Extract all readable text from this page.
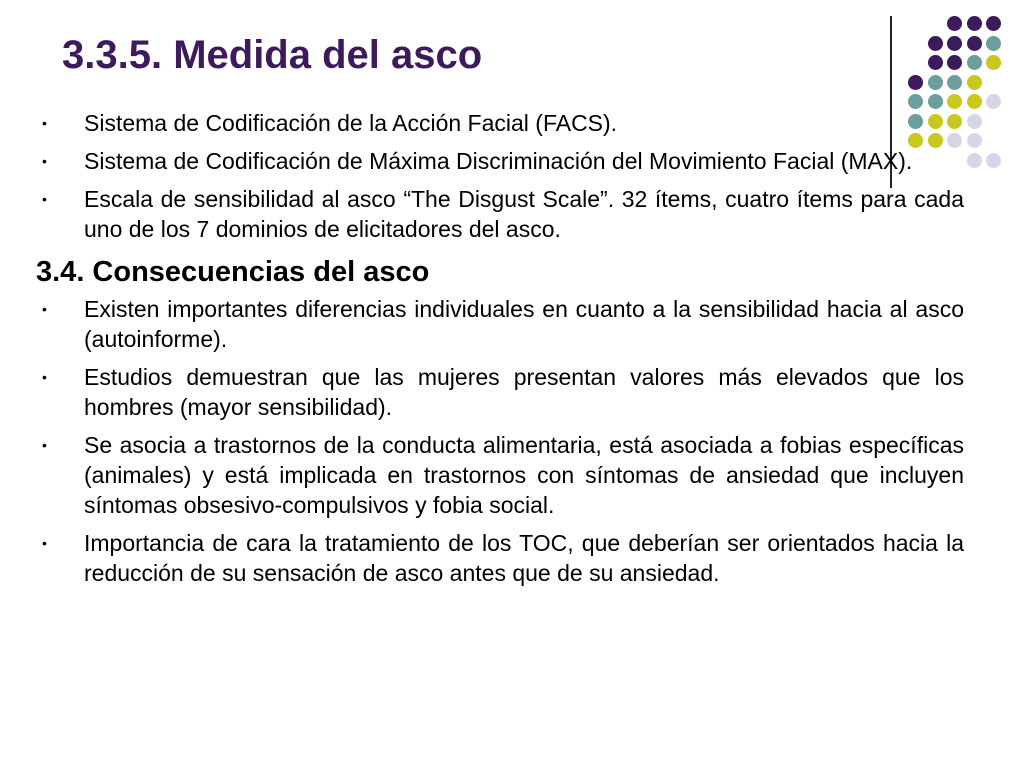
3.3.5. Medida del asco
• Sistema de Codificación de la Acción Facial (FACS).
• Sistema de Codificación de Máxima Discriminación del Movimiento Facial (MAX).
• Escala de sensibilidad al asco “The Disgust Scale”. 32 ítems, cuatro ítems para cada uno de los 7 dominios de elicitadores del asco.
3.4. Consecuencias del asco
• Existen importantes diferencias individuales en cuanto a la sensibilidad hacia al asco (autoinforme).
• Estudios demuestran que las mujeres presentan valores más elevados que los hombres (mayor sensibilidad).
• Se asocia a trastornos de la conducta alimentaria, está asociada a fobias específicas (animales) y está implicada en trastornos con síntomas de ansiedad que incluyen síntomas obsesivo-compulsivos y fobia social.
• Importancia de cara la tratamiento de los TOC, que deberían ser orientados hacia la reducción de su sensación de asco antes que de su ansiedad.
